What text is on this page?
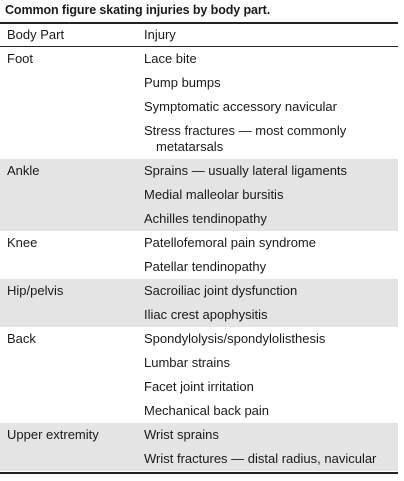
Common figure skating injuries by body part.
Body Part	Injury
Foot	Lace bite
Pump bumps
Symptomatic accessory navicular
Stress fractures — most commonly
metatarsals
Ankle	Sprains — usually lateral ligaments
Medial malleolar bursitis
Achilles tendinopathy
Knee	Patellofemoral pain syndrome
Patellar tendinopathy
Hip/pelvis	Sacroiliac joint dysfunction
Iliac crest apophysitis
Back	Spondylolysis/spondylolisthesis
Lumbar strains
Facet joint irritation
Mechanical back pain
Upper extremity	Wrist sprains
Wrist fractures — distal radius, navicular
